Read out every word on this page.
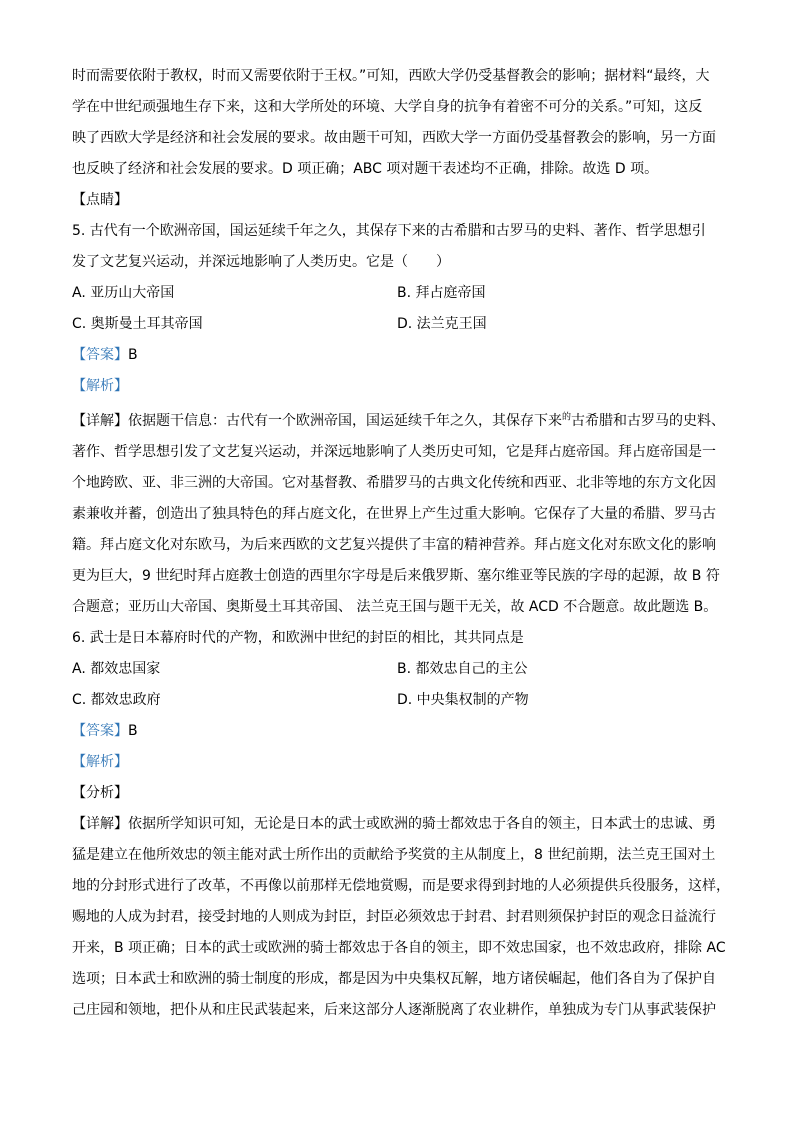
时而需要依附于教权，时而又需要依附于王权。”可知，西欧大学仍受基督教会的影响；据材料“最终，大
学在中世纪顽强地生存下来，这和大学所处的环境、大学自身的抗争有着密不可分的关系。”可知，这反
映了西欧大学是经济和社会发展的要求。故由题干可知，西欧大学一方面仍受基督教会的影响，另一方面
也反映了经济和社会发展的要求。D 项正确；ABC 项对题干表述均不正确，排除。故选 D 项。
【点睛】
5. 古代有一个欧洲帝国，国运延续千年之久，其保存下来的古希腊和古罗马的史料、著作、哲学思想引
发了文艺复兴运动，并深远地影响了人类历史。它是（　　）
A. 亚历山大帝国	B. 拜占庭帝国
C. 奥斯曼土耳其帝国	D. 法兰克王国
【答案】B
【解析】
【详解】依据题干信息：古代有一个欧洲帝国，国运延续千年之久，其保存下来$^的$古希腊和古罗马的史料、
著作、哲学思想引发了文艺复兴运动，并深远地影响了人类历史可知，它是拜占庭帝国。拜占庭帝国是一
个地跨欧、亚、非三洲的大帝国。它对基督教、希腊罗马的古典文化传统和西亚、北非等地的东方文化因
素兼收并蓄，创造出了独具特色的拜占庭文化，在世界上产生过重大影响。它保存了大量的希腊、罗马古
籍。拜占庭文化对东欧马，为后来西欧的文艺复兴提供了丰富的精神营养。拜占庭文化对东欧文化的影响
更为巨大，9 世纪时拜占庭教士创造的西里尔字母是后来俄罗斯、塞尔维亚等民族的字母的起源，故 B 符
合题意；亚历山大帝国、奥斯曼土耳其帝国、 法兰克王国与题干无关，故 ACD 不合题意。故此题选 B。
6. 武士是日本幕府时代的产物，和欧洲中世纪的封臣的相比，其共同点是
A. 都效忠国家	B. 都效忠自己的主公
C. 都效忠政府	D. 中央集权制的产物
【答案】B
【解析】
【分析】
【详解】依据所学知识可知，无论是日本的武士或欧洲的骑士都效忠于各自的领主，日本武士的忠诚、勇
猛是建立在他所效忠的领主能对武士所作出的贡献给予奖赏的主从制度上，8 世纪前期，法兰克王国对土
地的分封形式进行了改革，不再像以前那样无偿地赏赐，而是要求得到封地的人必须提供兵役服务，这样，
赐地的人成为封君，接受封地的人则成为封臣，封臣必须效忠于封君、封君则须保护封臣的观念日益流行
开来，B 项正确；日本的武士或欧洲的骑士都效忠于各自的领主，即不效忠国家，也不效忠政府，排除 AC
选项；日本武士和欧洲的骑士制度的形成，都是因为中央集权瓦解，地方诸侯崛起，他们各自为了保护自
己庄园和领地，把仆从和庄民武装起来，后来这部分人逐渐脱离了农业耕作，单独成为专门从事武装保护
